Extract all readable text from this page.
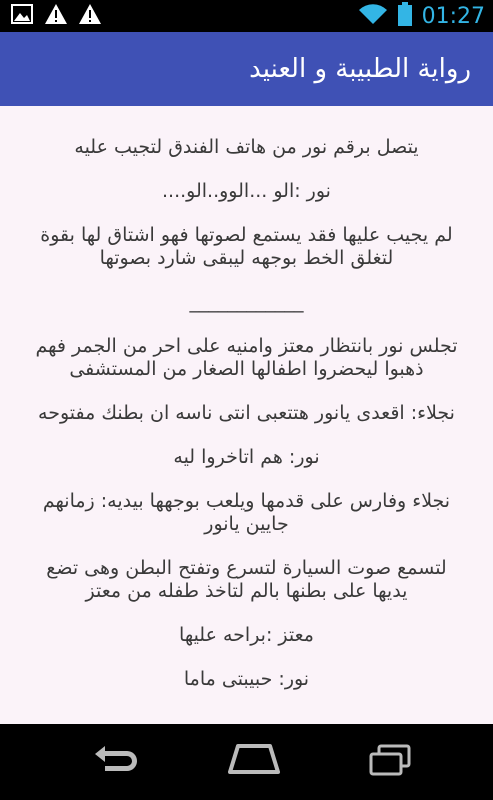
01:27
رواية الطبيبة و العنيد

يتصل برقم نور من هاتف الفندق لتجيب عليه

نور :الو ...الوو..الو....

لم يجيب عليها فقد يستمع لصوتها فهو اشتاق لها بقوة لتغلق الخط بوجهه ليبقى شارد بصوتها

____________

تجلس نور بانتظار معتز وامنيه على احر من الجمر فهم ذهبوا ليحضروا اطفالها الصغار من المستشفى

نجلاء: اقعدى يانور هتتعبى انتى ناسه ان بطنك مفتوحه

نور: هم اتاخروا ليه

نجلاء وفارس على قدمها ويلعب بوجهها بيديه: زمانهم جايين يانور

لتسمع صوت السيارة لتسرع وتفتح البطن وهى تضع يديها على بطنها بالم لتاخذ طفله من معتز

معتز :براحه عليها

نور: حبيبتى ماما
